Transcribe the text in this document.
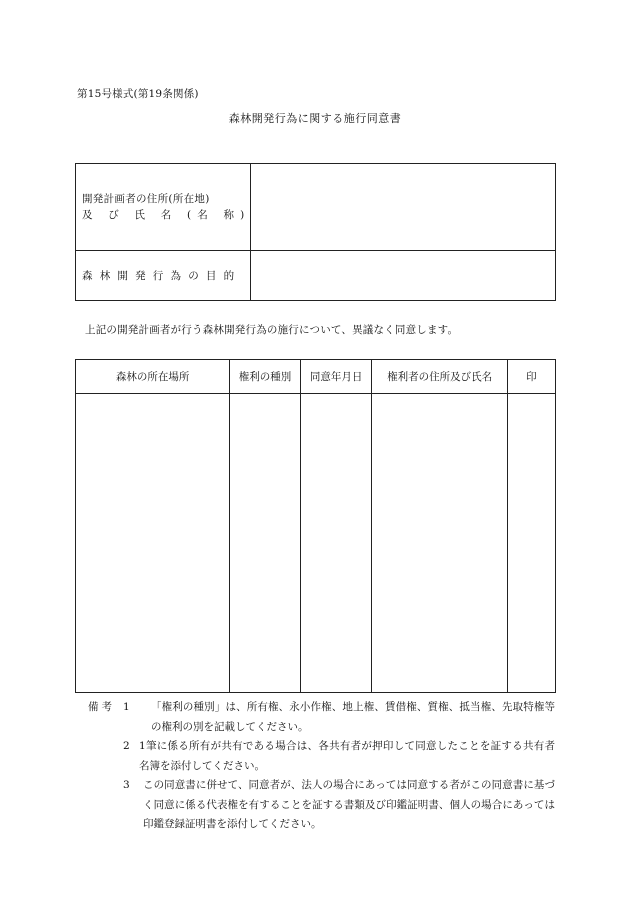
第15号様式(第19条関係)
森林開発行為に関する施行同意書
開発計画者の住所(所在地)
及 び 氏 名 (名 称)	

森林開発行為の目的	
上記の開発計画者が行う森林開発行為の施行について、異議なく同意します。
森林の所在場所	権利の種別	同意年月日	権利者の住所及び氏名	印

備考 1 「権利の種別」は、所有権、永小作権、地上権、賃借権、質権、抵当権、先取特権等の権利の別を記載してください。
2 1筆に係る所有が共有である場合は、各共有者が押印して同意したことを証する共有者名簿を添付してください。
3 この同意書に併せて、同意者が、法人の場合にあっては同意する者がこの同意書に基づく同意に係る代表権を有することを証する書類及び印鑑証明書、個人の場合にあっては印鑑登録証明書を添付してください。
